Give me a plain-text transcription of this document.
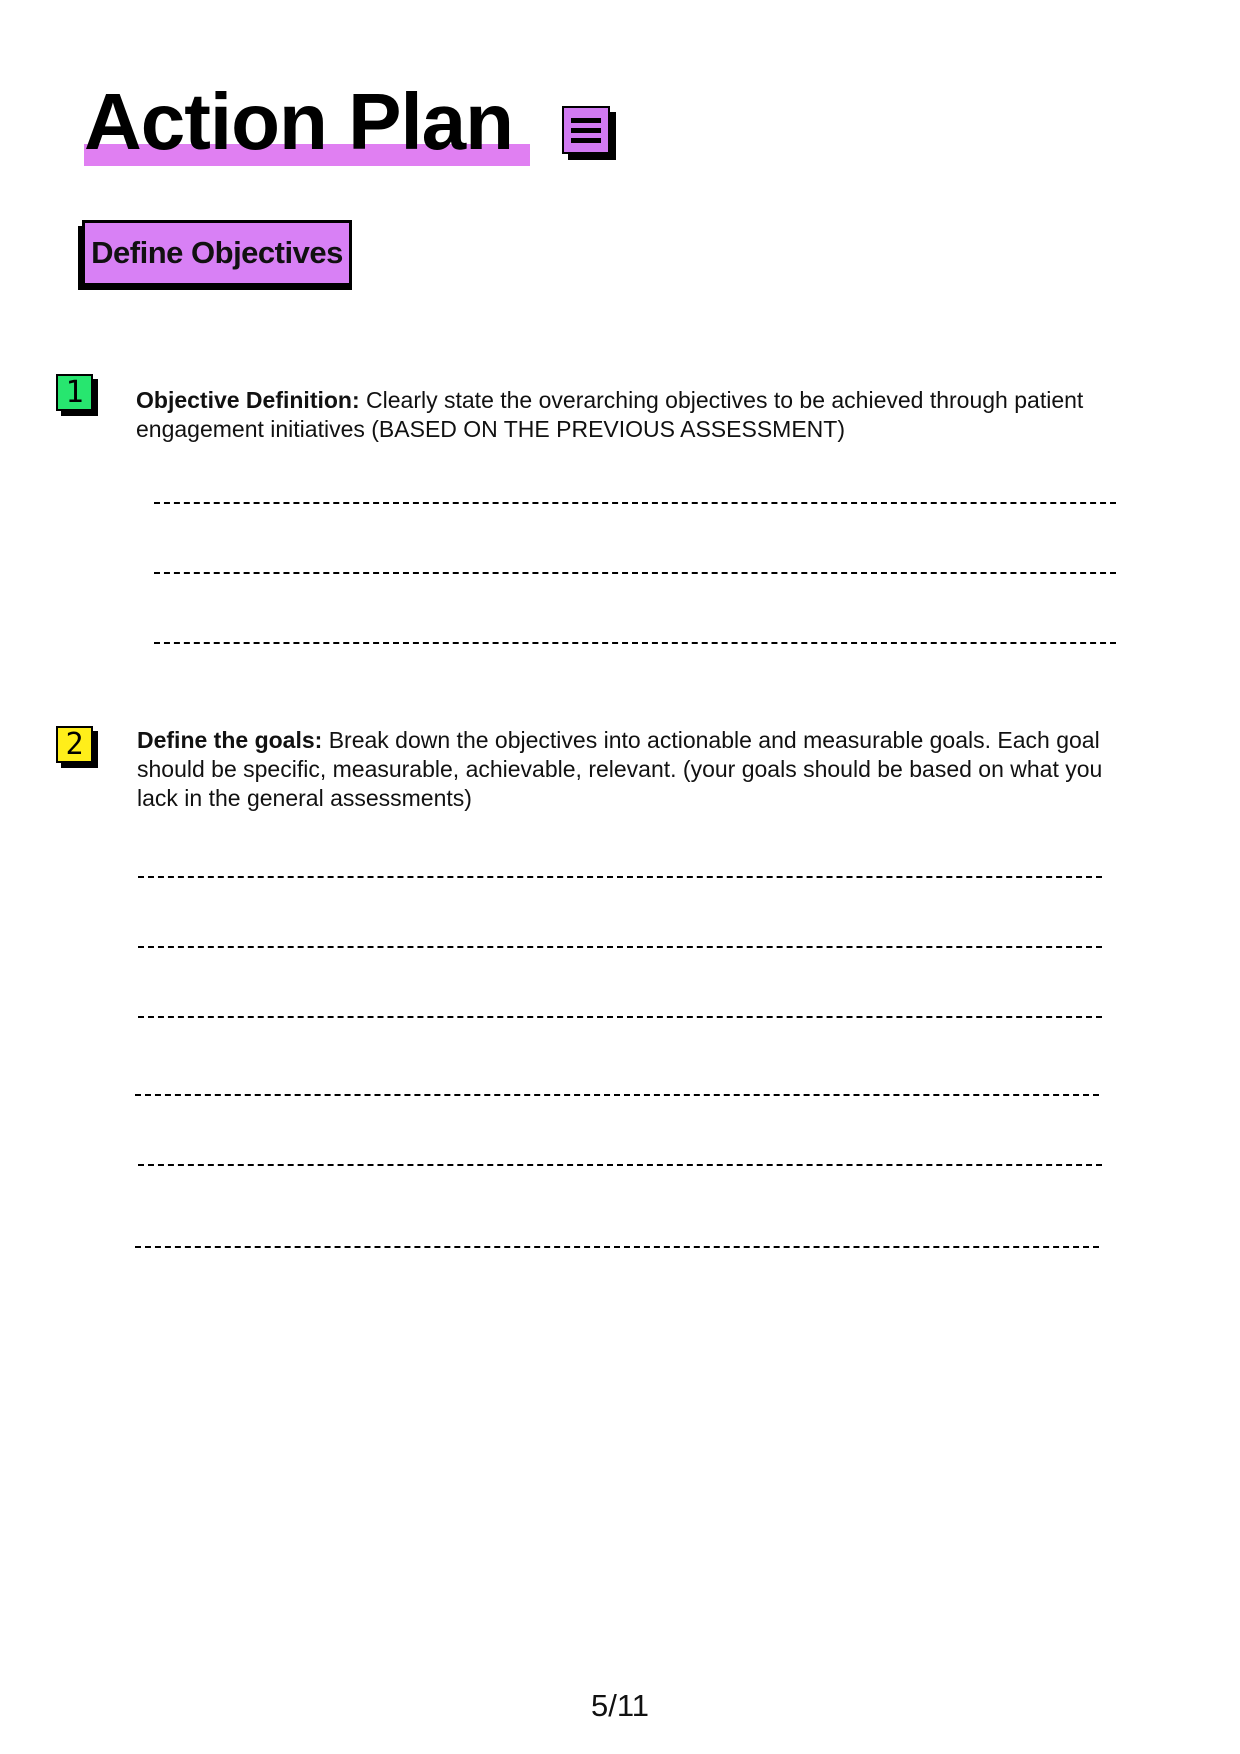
Action Plan
Define Objectives
1	Objective Definition: Clearly state the overarching objectives to be achieved through patient engagement initiatives (BASED ON THE PREVIOUS ASSESSMENT)
2	Define the goals: Break down the objectives into actionable and measurable goals. Each goal should be specific, measurable, achievable, relevant. (your goals should be based on what you lack in the general assessments)
5/11
